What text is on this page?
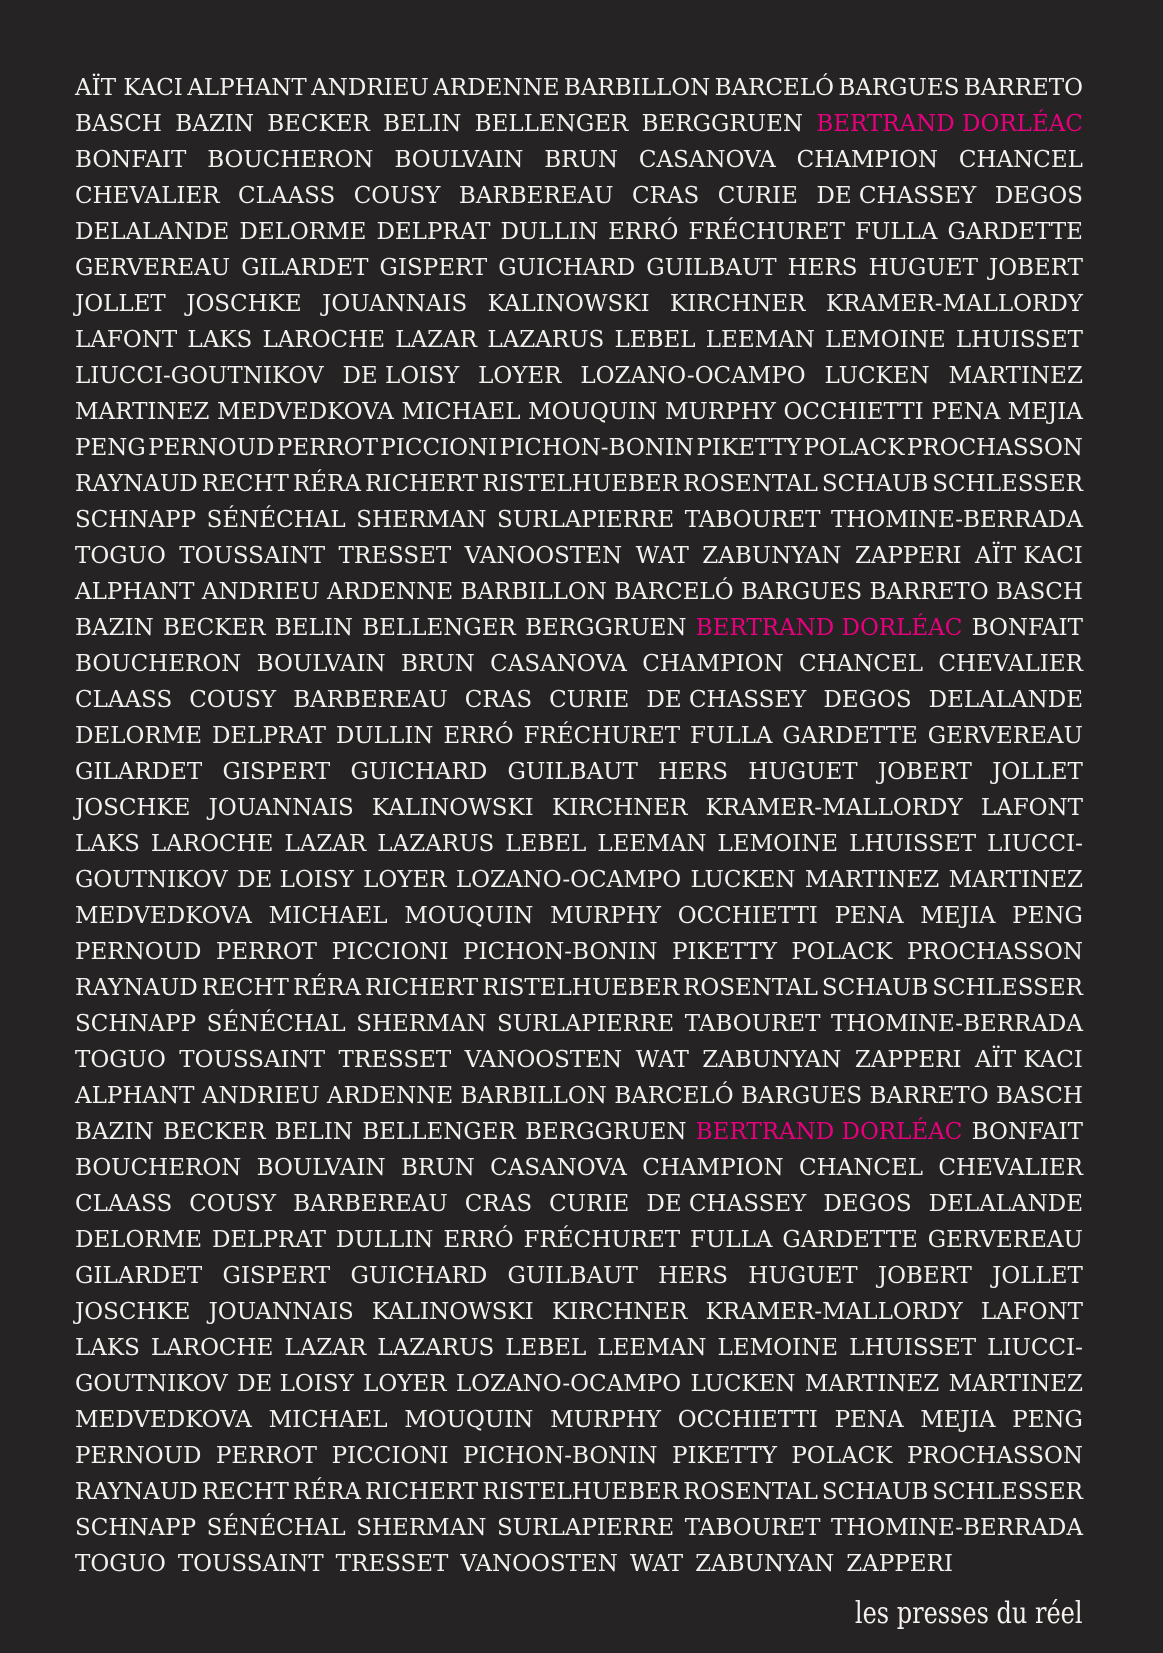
AÏT KACI ALPHANT ANDRIEU ARDENNE BARBILLON BARCELÓ BARGUES BARRETO
BASCH BAZIN BECKER BELIN BELLENGER BERGGRUEN BERTRAND DORLÉAC
BONFAIT BOUCHERON BOULVAIN BRUN CASANOVA CHAMPION CHANCEL
CHEVALIER CLAASS COUSY BARBEREAU CRAS CURIE DE CHASSEY DEGOS
DELALANDE DELORME DELPRAT DULLIN ERRÓ FRÉCHURET FULLA GARDETTE
GERVEREAU GILARDET GISPERT GUICHARD GUILBAUT HERS HUGUET JOBERT
JOLLET JOSCHKE JOUANNAIS KALINOWSKI KIRCHNER KRAMER-MALLORDY
LAFONT LAKS LAROCHE LAZAR LAZARUS LEBEL LEEMAN LEMOINE LHUISSET
LIUCCI-GOUTNIKOV DE LOISY LOYER LOZANO-OCAMPO LUCKEN MARTINEZ
MARTINEZ MEDVEDKOVA MICHAEL MOUQUIN MURPHY OCCHIETTI PENA MEJIA
PENG PERNOUD PERROT PICCIONI PICHON-BONIN PIKETTY POLACK PROCHASSON
RAYNAUD RECHT RÉRA RICHERT RISTELHUEBER ROSENTAL SCHAUB SCHLESSER
SCHNAPP SÉNÉCHAL SHERMAN SURLAPIERRE TABOURET THOMINE-BERRADA
TOGUO TOUSSAINT TRESSET VANOOSTEN WAT ZABUNYAN ZAPPERI AÏT KACI
ALPHANT ANDRIEU ARDENNE BARBILLON BARCELÓ BARGUES BARRETO BASCH
BAZIN BECKER BELIN BELLENGER BERGGRUEN BERTRAND DORLÉAC BONFAIT
BOUCHERON BOULVAIN BRUN CASANOVA CHAMPION CHANCEL CHEVALIER
CLAASS COUSY BARBEREAU CRAS CURIE DE CHASSEY DEGOS DELALANDE
DELORME DELPRAT DULLIN ERRÓ FRÉCHURET FULLA GARDETTE GERVEREAU
GILARDET GISPERT GUICHARD GUILBAUT HERS HUGUET JOBERT JOLLET
JOSCHKE JOUANNAIS KALINOWSKI KIRCHNER KRAMER-MALLORDY LAFONT
LAKS LAROCHE LAZAR LAZARUS LEBEL LEEMAN LEMOINE LHUISSET LIUCCI-
GOUTNIKOV DE LOISY LOYER LOZANO-OCAMPO LUCKEN MARTINEZ MARTINEZ
MEDVEDKOVA MICHAEL MOUQUIN MURPHY OCCHIETTI PENA MEJIA PENG
PERNOUD PERROT PICCIONI PICHON-BONIN PIKETTY POLACK PROCHASSON
RAYNAUD RECHT RÉRA RICHERT RISTELHUEBER ROSENTAL SCHAUB SCHLESSER
SCHNAPP SÉNÉCHAL SHERMAN SURLAPIERRE TABOURET THOMINE-BERRADA
TOGUO TOUSSAINT TRESSET VANOOSTEN WAT ZABUNYAN ZAPPERI AÏT KACI
ALPHANT ANDRIEU ARDENNE BARBILLON BARCELÓ BARGUES BARRETO BASCH
BAZIN BECKER BELIN BELLENGER BERGGRUEN BERTRAND DORLÉAC BONFAIT
BOUCHERON BOULVAIN BRUN CASANOVA CHAMPION CHANCEL CHEVALIER
CLAASS COUSY BARBEREAU CRAS CURIE DE CHASSEY DEGOS DELALANDE
DELORME DELPRAT DULLIN ERRÓ FRÉCHURET FULLA GARDETTE GERVEREAU
GILARDET GISPERT GUICHARD GUILBAUT HERS HUGUET JOBERT JOLLET
JOSCHKE JOUANNAIS KALINOWSKI KIRCHNER KRAMER-MALLORDY LAFONT
LAKS LAROCHE LAZAR LAZARUS LEBEL LEEMAN LEMOINE LHUISSET LIUCCI-
GOUTNIKOV DE LOISY LOYER LOZANO-OCAMPO LUCKEN MARTINEZ MARTINEZ
MEDVEDKOVA MICHAEL MOUQUIN MURPHY OCCHIETTI PENA MEJIA PENG
PERNOUD PERROT PICCIONI PICHON-BONIN PIKETTY POLACK PROCHASSON
RAYNAUD RECHT RÉRA RICHERT RISTELHUEBER ROSENTAL SCHAUB SCHLESSER
SCHNAPP SÉNÉCHAL SHERMAN SURLAPIERRE TABOURET THOMINE-BERRADA
TOGUO TOUSSAINT TRESSET VANOOSTEN WAT ZABUNYAN ZAPPERI
les presses du réel
